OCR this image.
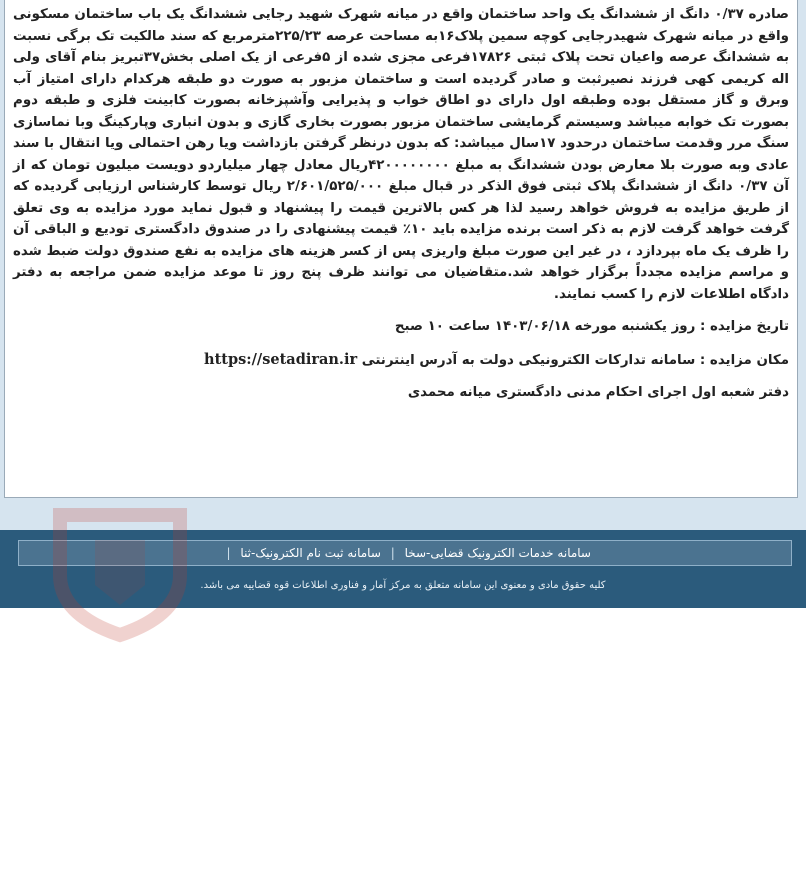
صادره ۰/۳۷ دانگ از ششدانگ یک واحد ساختمان واقع در میانه شهرک شهید رجایی ششدانگ یک باب ساختمان مسکونی واقع در میانه شهرک شهیدرجایی کوچه سمین پلاک۱۶به مساحت عرصه ۲۲۵/۲۳مترمربع که سند مالکیت تک برگی نسبت به ششدانگ عرصه واعیان تحت پلاک ثبتی ۱۷۸۲۶فرعی مجزی شده از ۵فرعی از یک اصلی بخش۳۷تبریز بنام آقای ولی اله کریمی کهی فرزند نصیرثبت و صادر گردیده است و ساختمان مزبور به صورت دو طبقه هرکدام دارای امتیاز آب وبرق و گاز مستقل بوده وطبقه اول دارای دو اطاق خواب و پذیرایی وآشپزخانه بصورت کابینت فلزی و طبقه دوم بصورت تک خوابه میباشد وسیستم گرمایشی ساختمان مزبور بصورت بخاری گازی و بدون انباری وپارکینگ وبا نماسازی سنگ مرر وقدمت ساختمان درحدود ۱۷سال میباشد: که بدون درنظر گرفتن بازداشت ویا رهن احتمالی ویا انتقال با سند عادی وبه صورت بلا معارض بودن ششدانگ به مبلغ ۴۲۰۰۰۰۰۰۰۰ریال معادل چهار میلیاردو دویست میلیون تومان که از آن ۰/۳۷ دانگ از ششدانگ پلاک ثبتی فوق الذکر در قبال مبلغ ۲/۶۰۱/۵۲۵/۰۰۰ ریال توسط کارشناس ارزیابی گردیده که از طریق مزایده به فروش خواهد رسید لذا هر کس بالاترین قیمت را پیشنهاد و قبول نماید مورد مزایده به وی تعلق گرفت خواهد گرفت لازم به ذکر است برنده مزایده باید ۱۰٪ قیمت پیشنهادی را در صندوق دادگستری تودیع و الباقی آن را ظرف یک ماه بپردازد ، در غیر این صورت مبلغ واریزی پس از کسر هزینه های مزایده به نفع صندوق دولت ضبط شده و مراسم مزایده مجدداً برگزار خواهد شد.متقاضیان می توانند ظرف پنج روز تا موعد مزایده ضمن مراجعه به دفتر دادگاه اطلاعات لازم را کسب نمایند.

تاریخ مزایده : روز یکشنبه مورخه ۱۴۰۳/۰۶/۱۸ ساعت ۱۰ صبح

مکان مزایده : سامانه تدارکات الکترونیکی دولت به آدرس اینترنتی https://setadiran.ir

دفتر شعبه اول اجرای احکام مدنی دادگستری میانه محمدی

سامانه خدمات الکترونیک قضایی-سخا | سامانه ثبت نام الکترونیک-ثنا |
کلیه حقوق مادی و معنوی این سامانه متعلق به مرکز آمار و فناوری اطلاعات قوه قضاییه می باشد.
